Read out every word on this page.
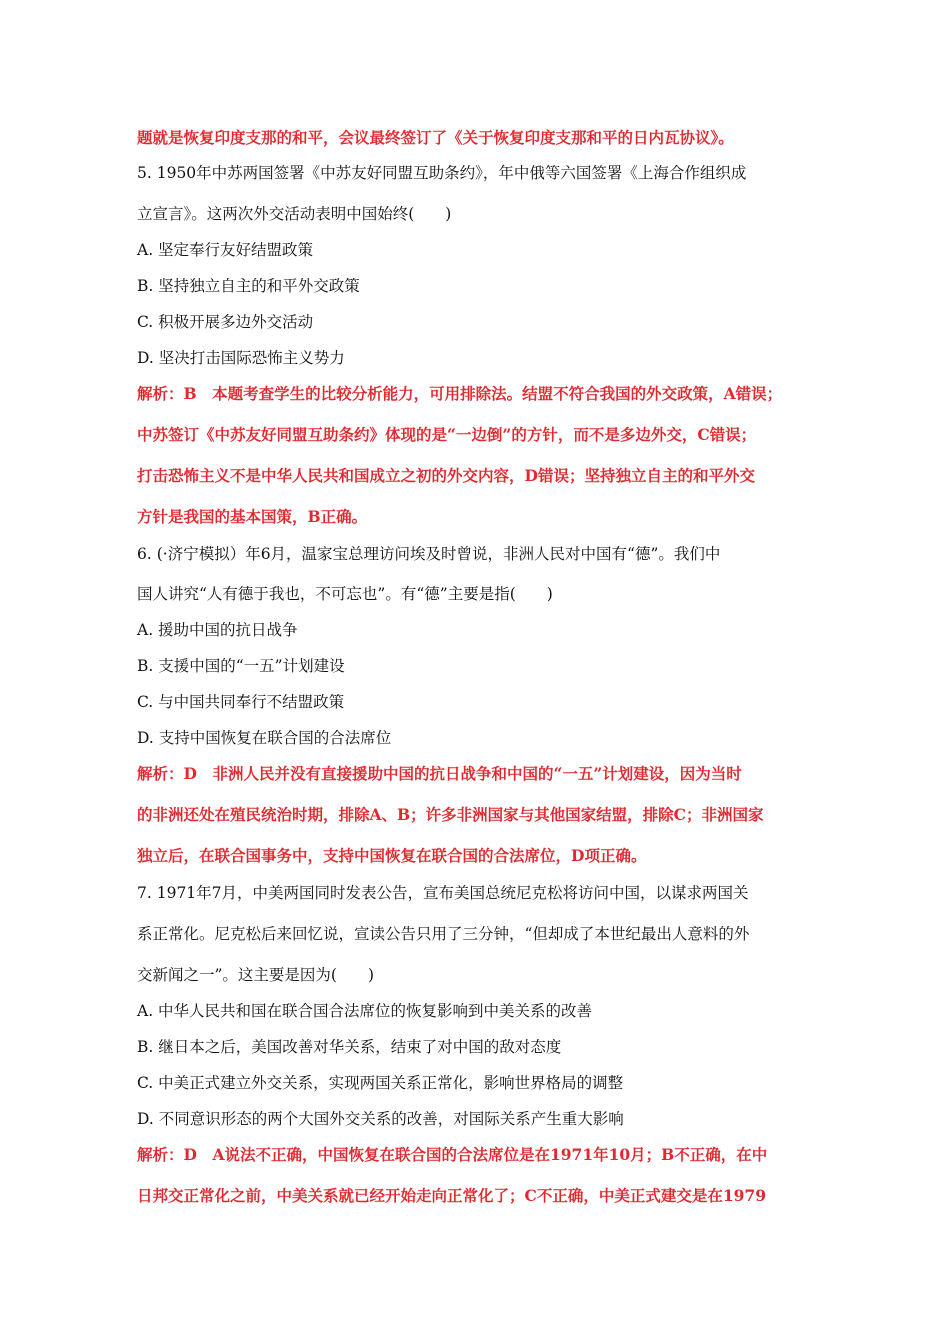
题就是恢复印度支那的和平，会议最终签订了《关于恢复印度支那和平的日内瓦协议》。
5. 1950年中苏两国签署《中苏友好同盟互助条约》，年中俄等六国签署《上海合作组织成
立宣言》。这两次外交活动表明中国始终(　　)
A. 坚定奉行友好结盟政策
B. 坚持独立自主的和平外交政策
C. 积极开展多边外交活动
D. 坚决打击国际恐怖主义势力
解析：B　本题考查学生的比较分析能力，可用排除法。结盟不符合我国的外交政策，A错误；
中苏签订《中苏友好同盟互助条约》体现的是“一边倒”的方针，而不是多边外交，C错误；
打击恐怖主义不是中华人民共和国成立之初的外交内容，D错误；坚持独立自主的和平外交
方针是我国的基本国策，B正确。
6. (·济宁模拟）年6月，温家宝总理访问埃及时曾说，非洲人民对中国有“德”。我们中
国人讲究“人有德于我也，不可忘也”。有“德”主要是指(　　)
A. 援助中国的抗日战争
B. 支援中国的“一五”计划建设
C. 与中国共同奉行不结盟政策
D. 支持中国恢复在联合国的合法席位
解析：D　非洲人民并没有直接援助中国的抗日战争和中国的“一五”计划建设，因为当时
的非洲还处在殖民统治时期，排除A、B；许多非洲国家与其他国家结盟，排除C；非洲国家
独立后，在联合国事务中，支持中国恢复在联合国的合法席位，D项正确。
7. 1971年7月，中美两国同时发表公告，宣布美国总统尼克松将访问中国，以谋求两国关
系正常化。尼克松后来回忆说，宣读公告只用了三分钟，“但却成了本世纪最出人意料的外
交新闻之一”。这主要是因为(　　)
A. 中华人民共和国在联合国合法席位的恢复影响到中美关系的改善
B. 继日本之后，美国改善对华关系，结束了对中国的敌对态度
C. 中美正式建立外交关系，实现两国关系正常化，影响世界格局的调整
D. 不同意识形态的两个大国外交关系的改善，对国际关系产生重大影响
解析：D　A说法不正确，中国恢复在联合国的合法席位是在1971年10月；B不正确，在中
日邦交正常化之前，中美关系就已经开始走向正常化了；C不正确，中美正式建交是在1979
